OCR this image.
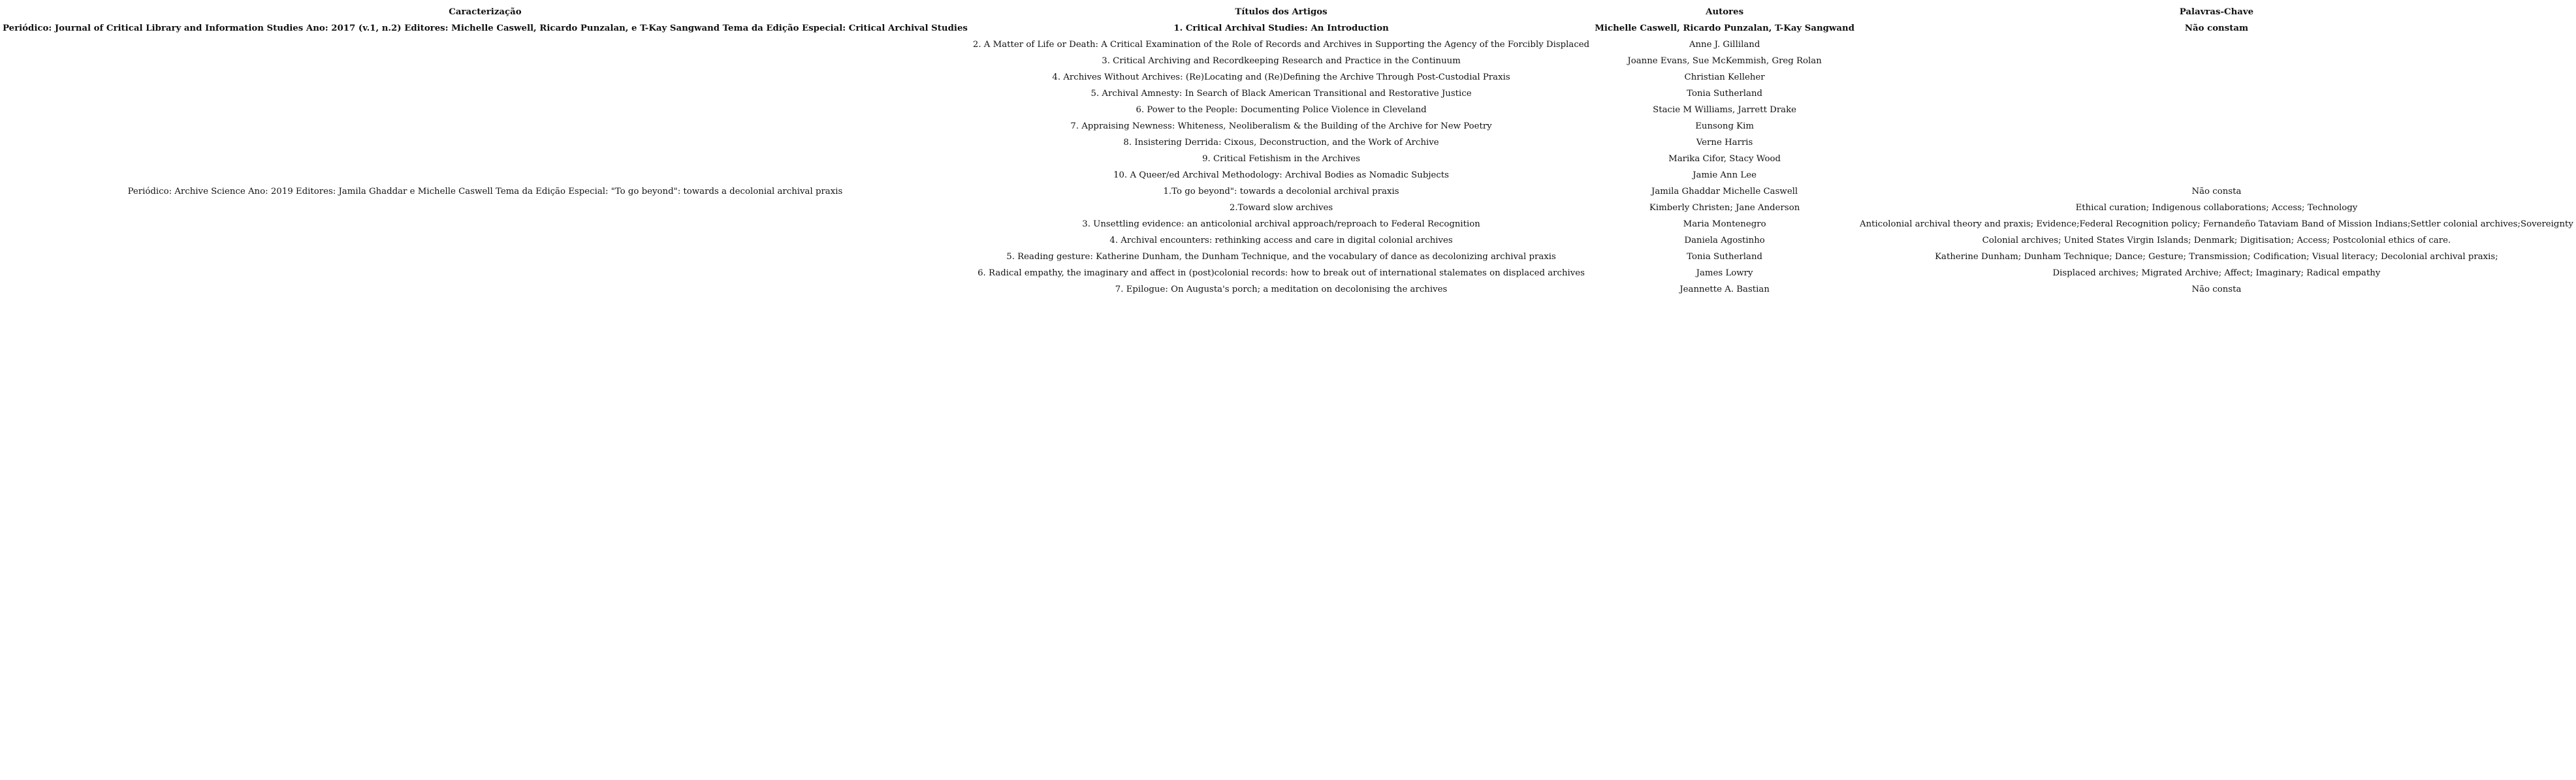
Caracterização	Títulos dos Artigos	Autores	Palavras-Chave
Periódico: Journal of Critical Library and Information Studies Ano: 2017 (v.1, n.2) Editores: Michelle Caswell, Ricardo Punzalan, e T-Kay Sangwand Tema da Edição Especial: Critical Archival Studies	1. Critical Archival Studies: An Introduction	Michelle Caswell, Ricardo Punzalan, T-Kay Sangwand	Não constam
	2. A Matter of Life or Death: A Critical Examination of the Role of Records and Archives in Supporting the Agency of the Forcibly Displaced	Anne J. Gilliland	
	3. Critical Archiving and Recordkeeping Research and Practice in the Continuum	Joanne Evans, Sue McKemmish, Greg Rolan	
	4. Archives Without Archives: (Re)Locating and (Re)Defining the Archive Through Post-Custodial Praxis	Christian Kelleher	
	5. Archival Amnesty: In Search of Black American Transitional and Restorative Justice	Tonia Sutherland	
	6. Power to the People: Documenting Police Violence in Cleveland	Stacie M Williams, Jarrett Drake	
	7. Appraising Newness: Whiteness, Neoliberalism & the Building of the Archive for New Poetry	Eunsong Kim	
	8. Insistering Derrida: Cixous, Deconstruction, and the Work of Archive	Verne Harris	
	9. Critical Fetishism in the Archives	Marika Cifor, Stacy Wood	
	10. A Queer/ed Archival Methodology: Archival Bodies as Nomadic Subjects	Jamie Ann Lee	
Periódico: Archive Science Ano: 2019 Editores: Jamila Ghaddar e Michelle Caswell Tema da Edição Especial: "To go beyond": towards a decolonial archival praxis	1.To go beyond": towards a decolonial archival praxis	Jamila Ghaddar Michelle Caswell	Não consta
	2.Toward slow archives	Kimberly Christen; Jane Anderson	Ethical curation; Indigenous collaborations; Access; Technology
	3. Unsettling evidence: an anticolonial archival approach/reproach to Federal Recognition	Maria Montenegro	Anticolonial archival theory and praxis; Evidence;Federal Recognition policy; Fernandeño Tataviam Band of Mission Indians;Settler colonial archives;Sovereignty
	4. Archival encounters: rethinking access and care in digital colonial archives	Daniela Agostinho	Colonial archives; United States Virgin Islands; Denmark; Digitisation; Access; Postcolonial ethics of care.
	5. Reading gesture: Katherine Dunham, the Dunham Technique, and the vocabulary of dance as decolonizing archival praxis	Tonia Sutherland	Katherine Dunham; Dunham Technique; Dance; Gesture; Transmission; Codification; Visual literacy; Decolonial archival praxis;
	6. Radical empathy, the imaginary and affect in (post)colonial records: how to break out of international stalemates on displaced archives	James Lowry	Displaced archives; Migrated Archive; Affect; Imaginary; Radical empathy
	7. Epilogue: On Augusta's porch; a meditation on decolonising the archives	Jeannette A. Bastian	Não consta
